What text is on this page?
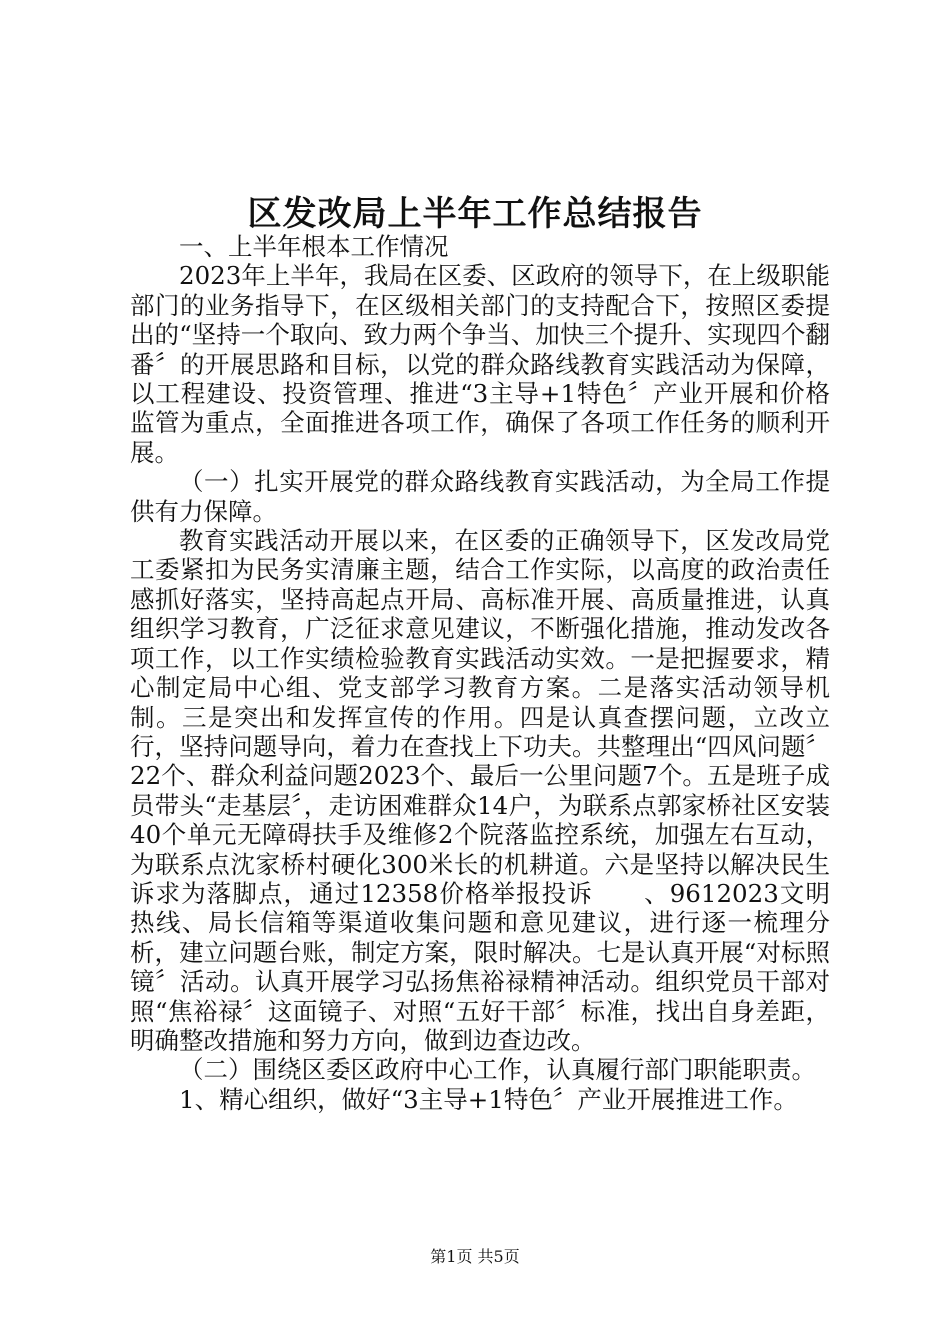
区发改局上半年工作总结报告

一、上半年根本工作情况

2023年上半年，我局在区委、区政府的领导下，在上级职能部门的业务指导下，在区级相关部门的支持配合下，按照区委提出的“坚持一个取向、致力两个争当、加快三个提升、实现四个翻番〞的开展思路和目标，以党的群众路线教育实践活动为保障，以工程建设、投资管理、推进“3主导+1特色〞产业开展和价格监管为重点，全面推进各项工作，确保了各项工作任务的顺利开展。

（一）扎实开展党的群众路线教育实践活动，为全局工作提供有力保障。

教育实践活动开展以来，在区委的正确领导下，区发改局党工委紧扣为民务实清廉主题，结合工作实际，以高度的政治责任感抓好落实，坚持高起点开局、高标准开展、高质量推进，认真组织学习教育，广泛征求意见建议，不断强化措施，推动发改各项工作，以工作实绩检验教育实践活动实效。一是把握要求，精心制定局中心组、党支部学习教育方案。二是落实活动领导机制。三是突出和发挥宣传的作用。四是认真查摆问题，立改立行，坚持问题导向，着力在查找上下功夫。共整理出“四风问题〞22个、群众利益问题2023个、最后一公里问题7个。五是班子成员带头“走基层〞，走访困难群众14户，为联系点郭家桥社区安装40个单元无障碍扶手及维修2个院落监控系统，加强左右互动，为联系点沈家桥村硬化300米长的机耕道。六是坚持以解决民生诉求为落脚点，通过12358价格举报投诉　　、9612023文明热线、局长信箱等渠道收集问题和意见建议，进行逐一梳理分析，建立问题台账，制定方案，限时解决。七是认真开展“对标照镜〞活动。认真开展学习弘扬焦裕禄精神活动。组织党员干部对照“焦裕禄〞这面镜子、对照“五好干部〞标准，找出自身差距，明确整改措施和努力方向，做到边查边改。

（二）围绕区委区政府中心工作，认真履行部门职能职责。

1、精心组织，做好“3主导+1特色〞产业开展推进工作。

第1页 共5页
